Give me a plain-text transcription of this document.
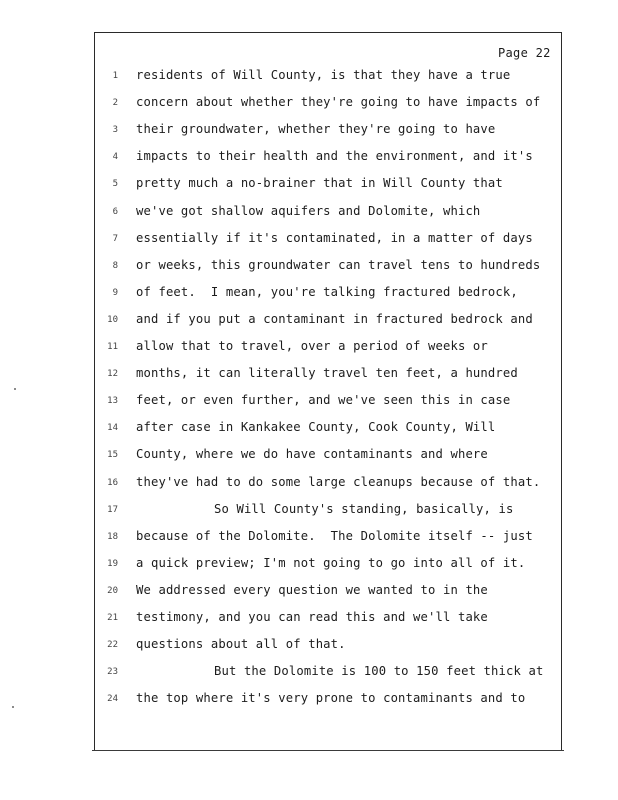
Page 22
1 residents of Will County, is that they have a true
2 concern about whether they're going to have impacts of
3 their groundwater, whether they're going to have
4 impacts to their health and the environment, and it's
5 pretty much a no-brainer that in Will County that
6 we've got shallow aquifers and Dolomite, which
7 essentially if it's contaminated, in a matter of days
8 or weeks, this groundwater can travel tens to hundreds
9 of feet.  I mean, you're talking fractured bedrock,
10 and if you put a contaminant in fractured bedrock and
11 allow that to travel, over a period of weeks or
12 months, it can literally travel ten feet, a hundred
13 feet, or even further, and we've seen this in case
14 after case in Kankakee County, Cook County, Will
15 County, where we do have contaminants and where
16 they've had to do some large cleanups because of that.
17	So Will County's standing, basically, is
18 because of the Dolomite.  The Dolomite itself -- just
19 a quick preview; I'm not going to go into all of it.
20 We addressed every question we wanted to in the
21 testimony, and you can read this and we'll take
22 questions about all of that.
23	But the Dolomite is 100 to 150 feet thick at
24 the top where it's very prone to contaminants and to
